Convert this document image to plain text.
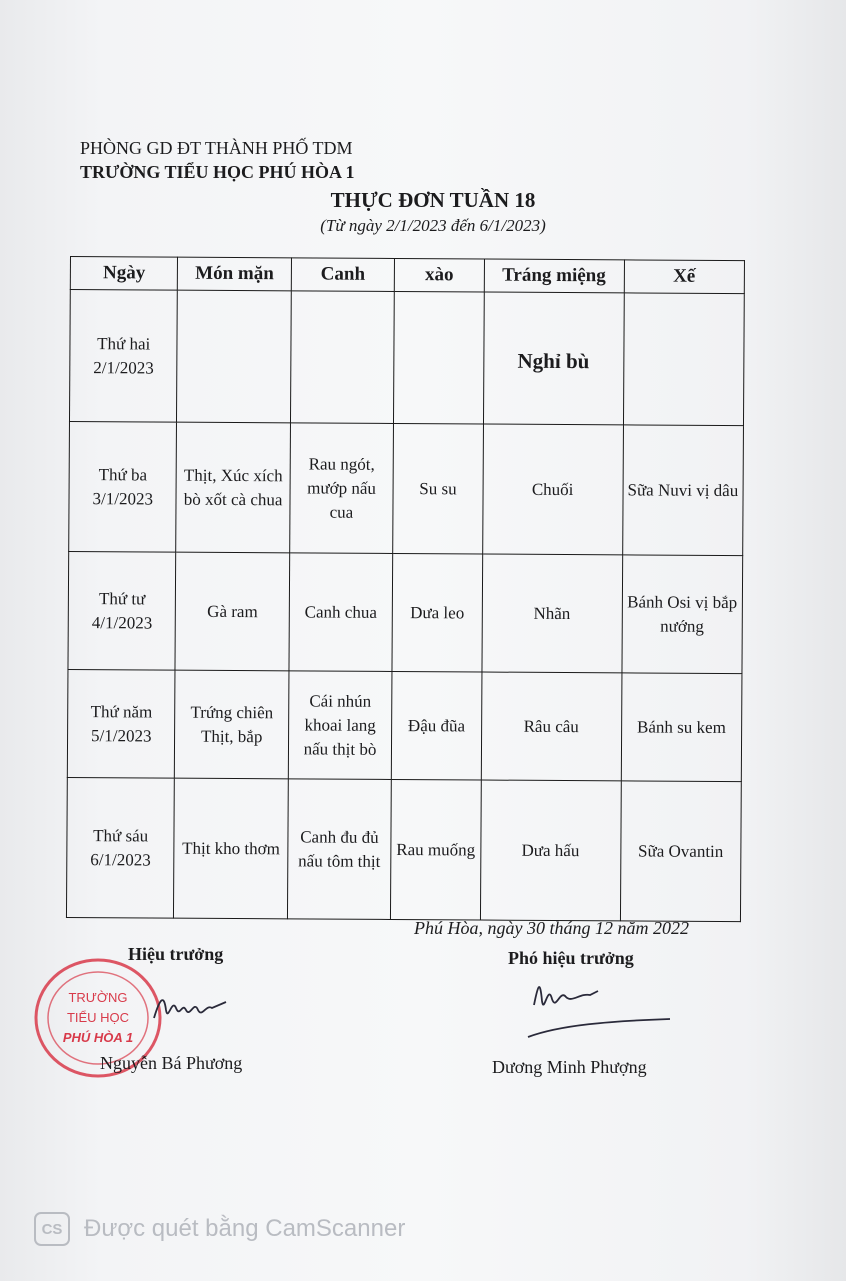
PHÒNG GD ĐT THÀNH PHỐ TDM
TRƯỜNG TIỂU HỌC PHÚ HÒA 1
THỰC ĐƠN TUẦN 18
(Từ ngày 2/1/2023 đến 6/1/2023)
Ngày	Món mặn	Canh	xào	Tráng miệng	Xế

Thứ hai
2/1/2023				Nghỉ bù	

Thứ ba
3/1/2023	Thịt, Xúc xích bò xốt cà chua	Rau ngót, mướp nấu cua	Su su	Chuối	Sữa Nuvi vị dâu

Thứ tư
4/1/2023	Gà ram	Canh chua	Dưa leo	Nhãn	Bánh Osi vị bắp nướng

Thứ năm
5/1/2023	Trứng chiên Thịt, bắp	Cái nhún khoai lang nấu thịt bò	Đậu đũa	Râu câu	Bánh su kem

Thứ sáu
6/1/2023	Thịt kho thơm	Canh đu đủ nấu tôm thịt	Rau muống	Dưa hấu	Sữa Ovantin
Phú Hòa, ngày 30 tháng 12 năm 2022
Hiệu trưởng	Phó hiệu trưởng
TRƯỜNG
TIỂU HỌC
PHÚ HÒA 1
Nguyễn Bá Phương	Dương Minh Phượng
CS Được quét bằng CamScanner
